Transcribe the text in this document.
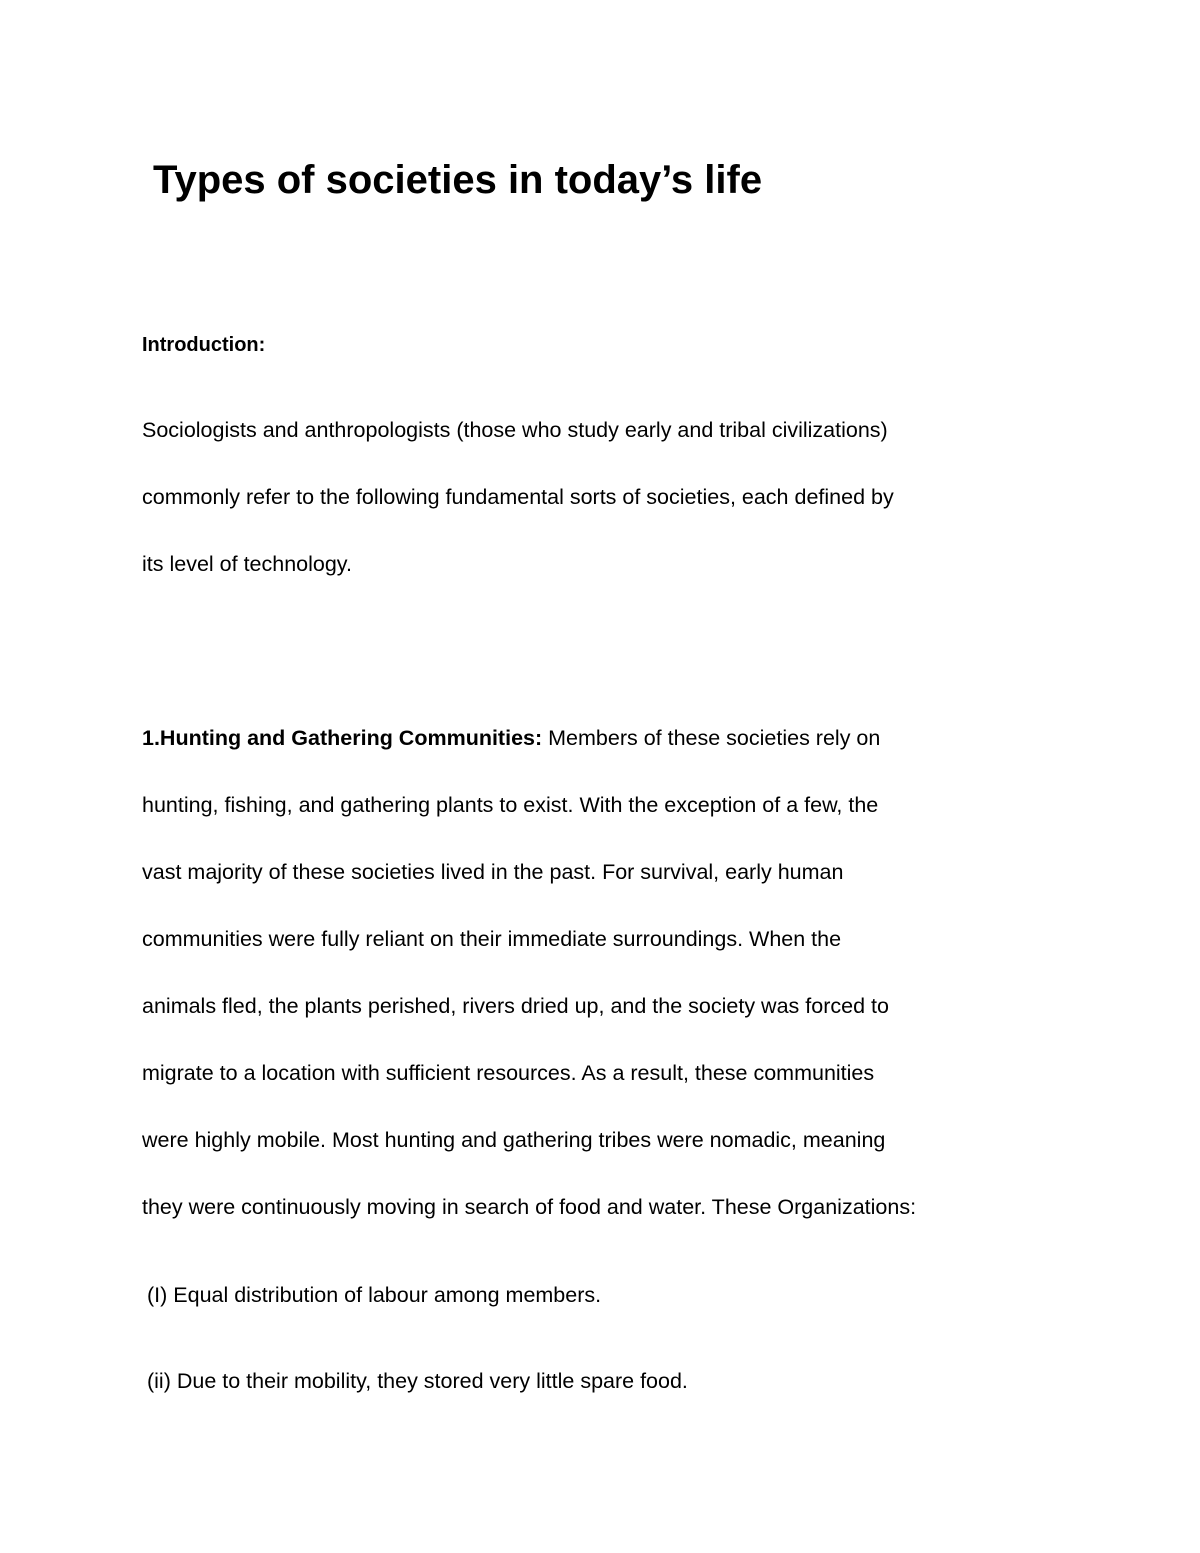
Types of societies in today’s life

Introduction:

Sociologists and anthropologists (those who study early and tribal civilizations)

commonly refer to the following fundamental sorts of societies, each defined by

its level of technology.

1.Hunting and Gathering Communities: Members of these societies rely on

hunting, fishing, and gathering plants to exist. With the exception of a few, the

vast majority of these societies lived in the past. For survival, early human

communities were fully reliant on their immediate surroundings. When the

animals fled, the plants perished, rivers dried up, and the society was forced to

migrate to a location with sufficient resources. As a result, these communities

were highly mobile. Most hunting and gathering tribes were nomadic, meaning

they were continuously moving in search of food and water. These Organizations:

(I) Equal distribution of labour among members.

(ii) Due to their mobility, they stored very little spare food.
